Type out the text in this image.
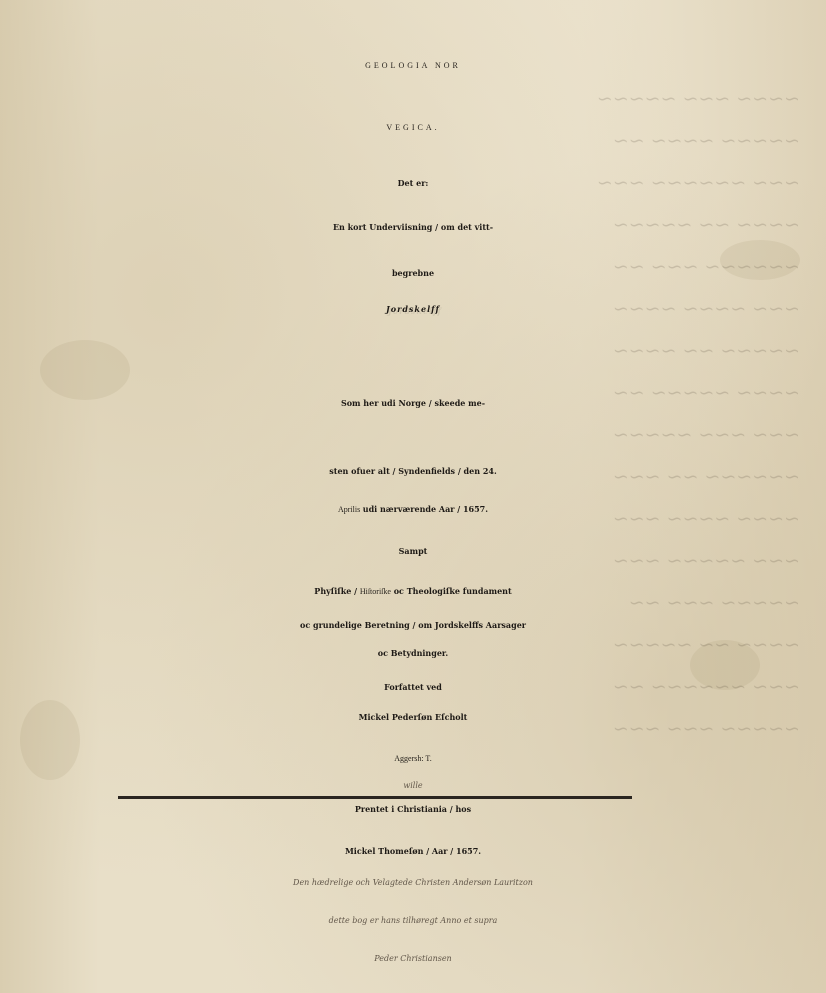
~~~~ ~~~ ~~~~~
~~~~~ ~~~~ ~~
~~~ ~~~~~~ ~~~
~~~~ ~~ ~~~~~
~~~~~~ ~~~ ~~
~~~ ~~~~ ~~~~
~~~~~ ~~ ~~~~
~~~~ ~~~~~ ~~
~~~ ~~~ ~~~~~
~~~~~~ ~~ ~~~
~~~~ ~~~~ ~~~
~~~ ~~~~~ ~~~
~~~~~ ~~~ ~~
~~~~ ~~ ~~~~~
~~~ ~~~~~~ ~~
~~~~~ ~~~ ~~~
GEOLOGIA NOR
VEGICA.
Det er:
En kort Underviisning / om det vitt-
begrebne
Jordskelff
Som her udi Norge / skeede me-
sten ofuer alt / Syndenfields / den 24.
Aprilis udi nærværende Aar / 1657.
Sampt
Phyſiſke / Hiſtoriſke oc Theologiſke fundament
oc grundelige Beretning / om Jordskelffs Aarsager
oc Betydninger.
Forfattet ved
Mickel Pederſøn Eſcholt
Aggersh: T.
wille
Prentet i Christiania / hos
Mickel Thomeſøn / Aar / 1657.
Den hædrelige och Velagtede Christen Andersøn Lauritzon
dette bog er hans tilhøregt Anno et supra
Peder Christiansen
